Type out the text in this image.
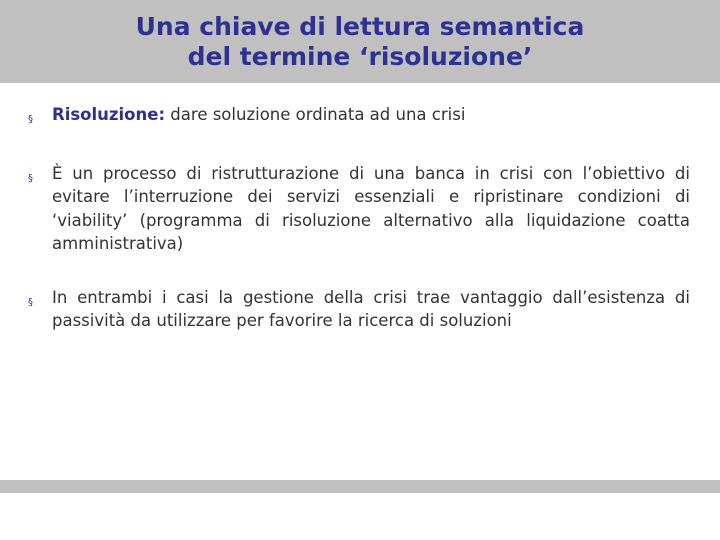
Una chiave di lettura semantica
del termine ‘risoluzione’
§	Risoluzione: dare soluzione ordinata ad una crisi
§	È un processo di ristrutturazione di una banca in crisi con l’obiettivo di evitare l’interruzione dei servizi essenziali e ripristinare condizioni di ‘viability’ (programma di risoluzione alternativo alla liquidazione coatta amministrativa)
§	In entrambi i casi la gestione della crisi trae vantaggio dall’esistenza di passività da utilizzare per favorire la ricerca di soluzioni
